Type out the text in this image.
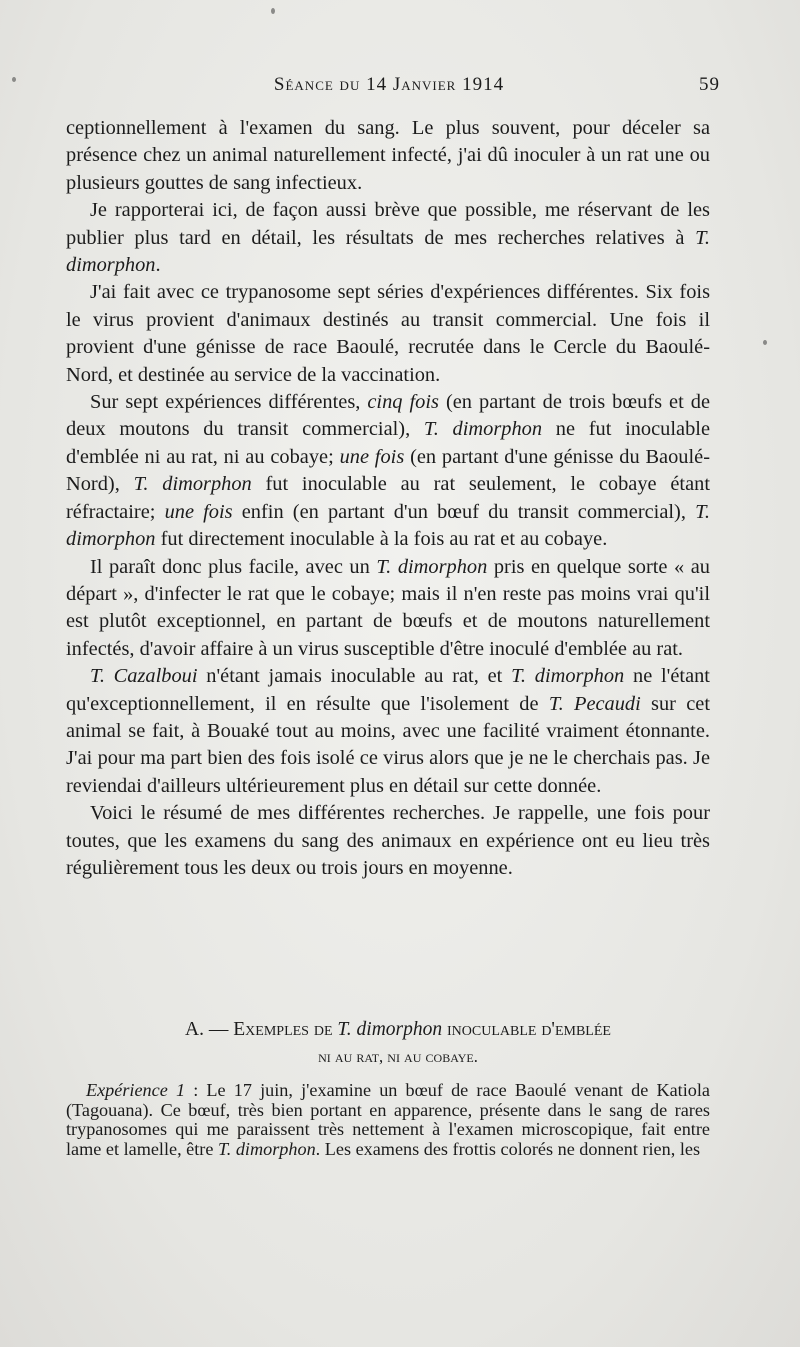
Séance du 14 Janvier 1914	59

ceptionnellement à l'examen du sang. Le plus souvent, pour déceler sa présence chez un animal naturellement infecté, j'ai dû inoculer à un rat une ou plusieurs gouttes de sang infectieux.

Je rapporterai ici, de façon aussi brève que possible, me réservant de les publier plus tard en détail, les résultats de mes recherches relatives à T. dimorphon.

J'ai fait avec ce trypanosome sept séries d'expériences différentes. Six fois le virus provient d'animaux destinés au transit commercial. Une fois il provient d'une génisse de race Baoulé, recrutée dans le Cercle du Baoulé-Nord, et destinée au service de la vaccination.

Sur sept expériences différentes, cinq fois (en partant de trois bœufs et de deux moutons du transit commercial), T. dimorphon ne fut inoculable d'emblée ni au rat, ni au cobaye; une fois (en partant d'une génisse du Baoulé-Nord), T. dimorphon fut inoculable au rat seulement, le cobaye étant réfractaire; une fois enfin (en partant d'un bœuf du transit commercial), T. dimorphon fut directement inoculable à la fois au rat et au cobaye.

Il paraît donc plus facile, avec un T. dimorphon pris en quelque sorte « au départ », d'infecter le rat que le cobaye; mais il n'en reste pas moins vrai qu'il est plutôt exceptionnel, en partant de bœufs et de moutons naturellement infectés, d'avoir affaire à un virus susceptible d'être inoculé d'emblée au rat.

T. Cazalboui n'étant jamais inoculable au rat, et T. dimorphon ne l'étant qu'exceptionnellement, il en résulte que l'isolement de T. Pecaudi sur cet animal se fait, à Bouaké tout au moins, avec une facilité vraiment étonnante. J'ai pour ma part bien des fois isolé ce virus alors que je ne le cherchais pas. Je reviendai d'ailleurs ultérieurement plus en détail sur cette donnée.

Voici le résumé de mes différentes recherches. Je rappelle, une fois pour toutes, que les examens du sang des animaux en expérience ont eu lieu très régulièrement tous les deux ou trois jours en moyenne.

A. — Exemples de T. dimorphon inoculable d'emblée
ni au rat, ni au cobaye.

Expérience 1 : Le 17 juin, j'examine un bœuf de race Baoulé venant de Katiola (Tagouana). Ce bœuf, très bien portant en apparence, présente dans le sang de rares trypanosomes qui me paraissent très nettement à l'examen microscopique, fait entre lame et lamelle, être T. dimorphon. Les examens des frottis colorés ne donnent rien, les
